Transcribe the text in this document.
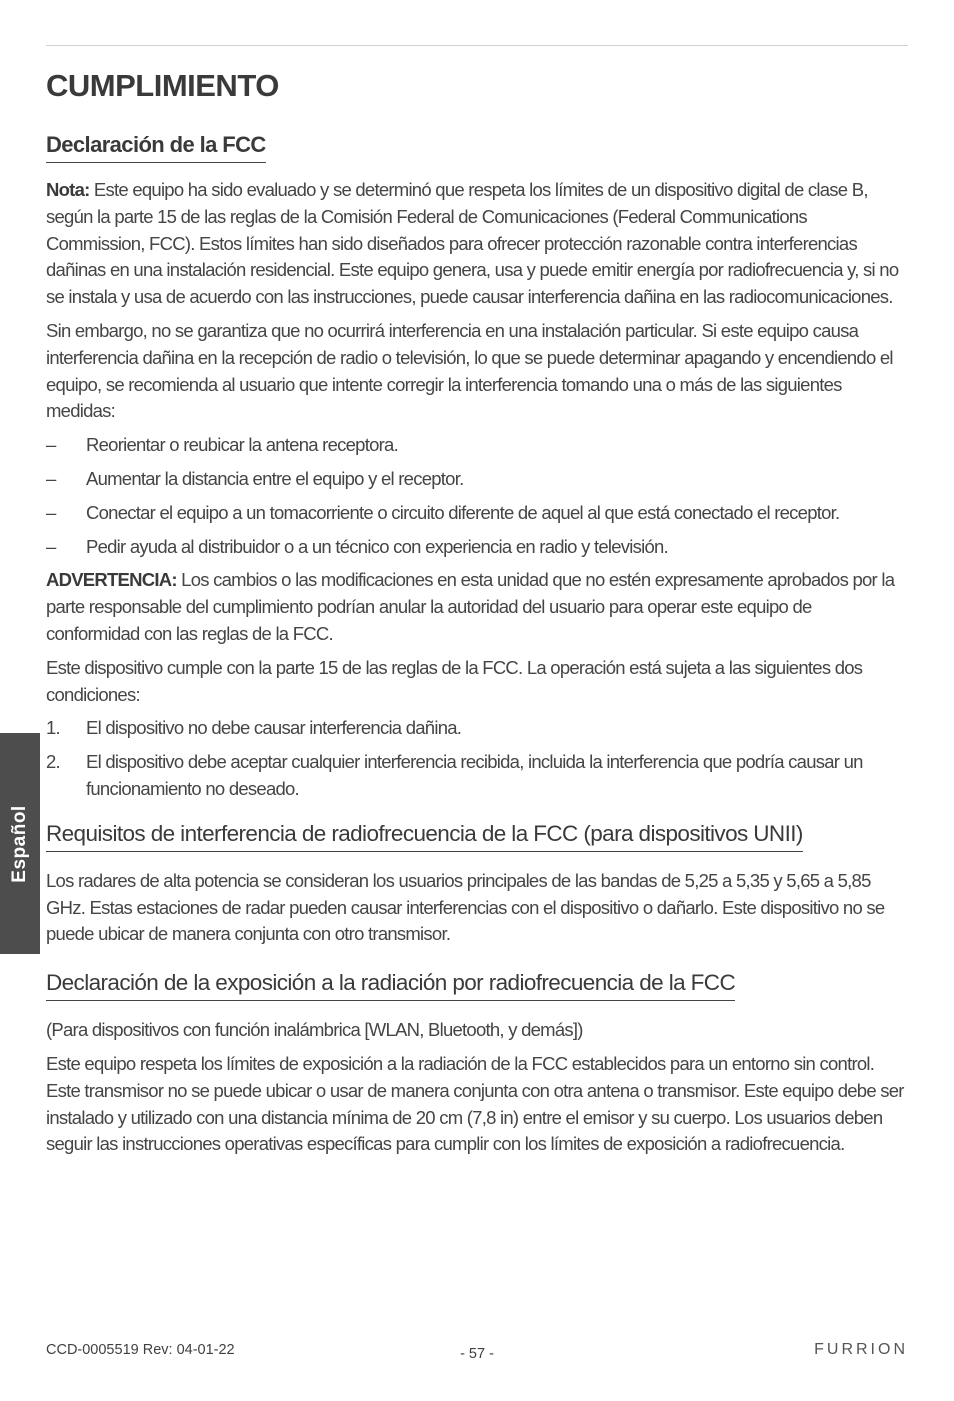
CUMPLIMIENTO
Declaración de la FCC

Nota: Este equipo ha sido evaluado y se determinó que respeta los límites de un dispositivo digital de clase B, según la parte 15 de las reglas de la Comisión Federal de Comunicaciones (Federal Communications Commission, FCC). Estos límites han sido diseñados para ofrecer protección razonable contra interferencias dañinas en una instalación residencial. Este equipo genera, usa y puede emitir energía por radiofrecuencia y, si no se instala y usa de acuerdo con las instrucciones, puede causar interferencia dañina en las radiocomunicaciones.

Sin embargo, no se garantiza que no ocurrirá interferencia en una instalación particular. Si este equipo causa interferencia dañina en la recepción de radio o televisión, lo que se puede determinar apagando y encendiendo el equipo, se recomienda al usuario que intente corregir la interferencia tomando una o más de las siguientes medidas:

– Reorientar o reubicar la antena receptora.
– Aumentar la distancia entre el equipo y el receptor.
– Conectar el equipo a un tomacorriente o circuito diferente de aquel al que está conectado el receptor.
– Pedir ayuda al distribuidor o a un técnico con experiencia en radio y televisión.

ADVERTENCIA: Los cambios o las modificaciones en esta unidad que no estén expresamente aprobados por la parte responsable del cumplimiento podrían anular la autoridad del usuario para operar este equipo de conformidad con las reglas de la FCC.

Este dispositivo cumple con la parte 15 de las reglas de la FCC. La operación está sujeta a las siguientes dos condiciones:

1. El dispositivo no debe causar interferencia dañina.
2. El dispositivo debe aceptar cualquier interferencia recibida, incluida la interferencia que podría causar un funcionamiento no deseado.
Requisitos de interferencia de radiofrecuencia de la FCC (para dispositivos UNII)

Los radares de alta potencia se consideran los usuarios principales de las bandas de 5,25 a 5,35 y 5,65 a 5,85 GHz. Estas estaciones de radar pueden causar interferencias con el dispositivo o dañarlo. Este dispositivo no se puede ubicar de manera conjunta con otro transmisor.

Declaración de la exposición a la radiación por radiofrecuencia de la FCC

(Para dispositivos con función inalámbrica [WLAN, Bluetooth, y demás])

Este equipo respeta los límites de exposición a la radiación de la FCC establecidos para un entorno sin control. Este transmisor no se puede ubicar o usar de manera conjunta con otra antena o transmisor. Este equipo debe ser instalado y utilizado con una distancia mínima de 20 cm (7,8 in) entre el emisor y su cuerpo. Los usuarios deben seguir las instrucciones operativas específicas para cumplir con los límites de exposición a radiofrecuencia.

Español
CCD-0005519 Rev: 04-01-22	- 57 -	FURRION
